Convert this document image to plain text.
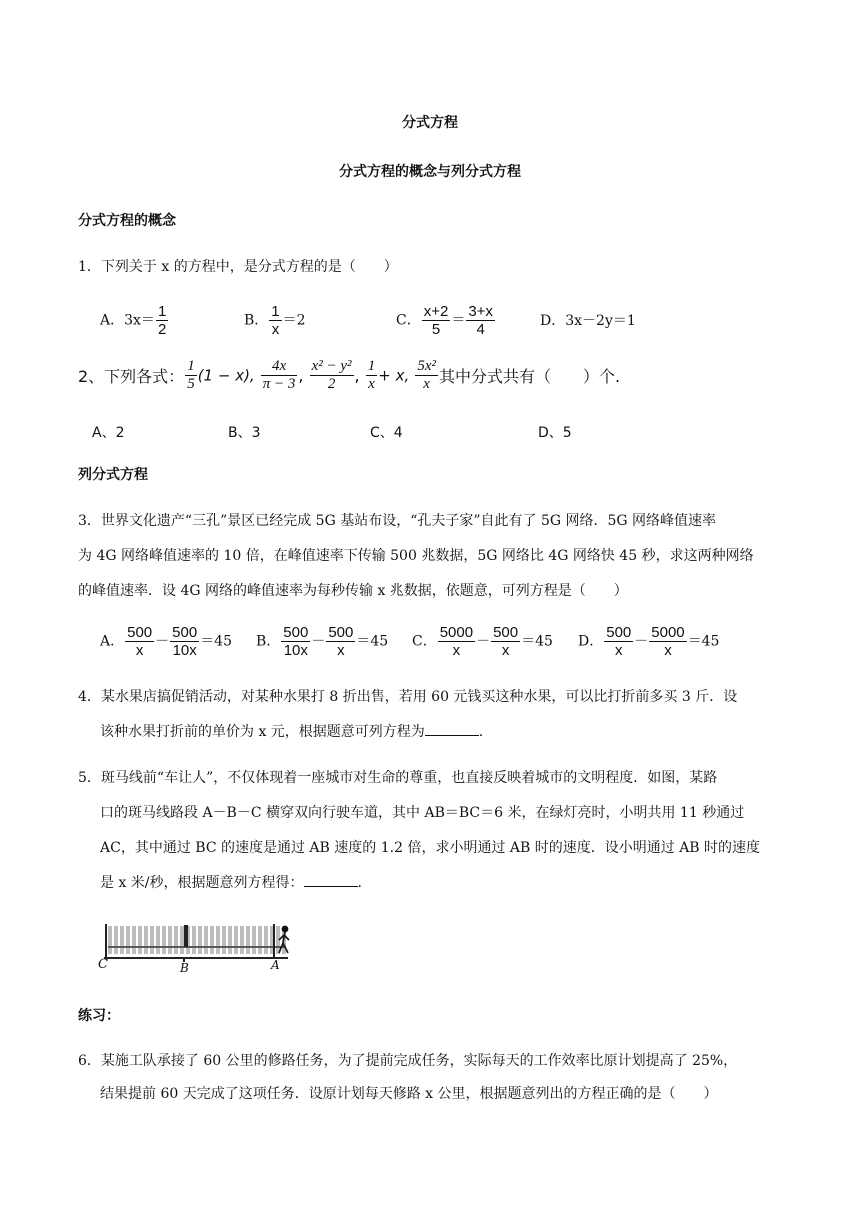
分式方程
分式方程的概念与列分式方程
分式方程的概念
1．下列关于 x 的方程中，是分式方程的是（　　）
A．$3x= \frac{1}{2}$	B． $\frac{1}{x} =2$	C． $\frac{x+2}{5} = \frac{3+x}{4}$	D．3x－2y＝1
2、下列各式： $\frac{1}{5} (1 - x)$, $\frac{4x}{\pi - 3}$ , $\frac{\text{x² − y²}}{2}$ , $\frac{1}{x} + x$, $\frac{\text{5x²}}{x}$ 其中分式共有（　　）个.
A、2	B、3	C、4	D、5
列分式方程
3．世界文化遗产“三孔”景区已经完成 5G 基站布设，“孔夫子家”自此有了 5G 网络．5G 网络峰值速率
为 4G 网络峰值速率的 10 倍，在峰值速率下传输 500 兆数据，5G 网络比 4G 网络快 45 秒，求这两种网络
的峰值速率．设 4G 网络的峰值速率为每秒传输 x 兆数据，依题意，可列方程是（　　）
A． $\frac{500}{x} - \frac{500}{10x} =45$ B． $\frac{500}{10x} - \frac{500}{x} =45$ C． $\frac{5000}{x} - \frac{500}{x} =45$ D． $\frac{500}{x} - \frac{5000}{x} =45$
4．某水果店搞促销活动，对某种水果打 8 折出售，若用 60 元钱买这种水果，可以比打折前多买 3 斤．设
该种水果打折前的单价为 x 元，根据题意可列方程为	.
5．斑马线前“车让人”，不仅体现着一座城市对生命的尊重，也直接反映着城市的文明程度．如图，某路
口的斑马线路段 A－B－C 横穿双向行驶车道，其中 AB＝BC＝6 米，在绿灯亮时，小明共用 11 秒通过
AC，其中通过 BC 的速度是通过 AB 速度的 1.2 倍，求小明通过 AB 时的速度．设小明通过 AB 时的速度
是 x 米/秒，根据题意列方程得：	.
C	B	A
练习：
6．某施工队承接了 60 公里的修路任务，为了提前完成任务，实际每天的工作效率比原计划提高了 25%，
结果提前 60 天完成了这项任务．设原计划每天修路 x 公里，根据题意列出的方程正确的是（　　）
